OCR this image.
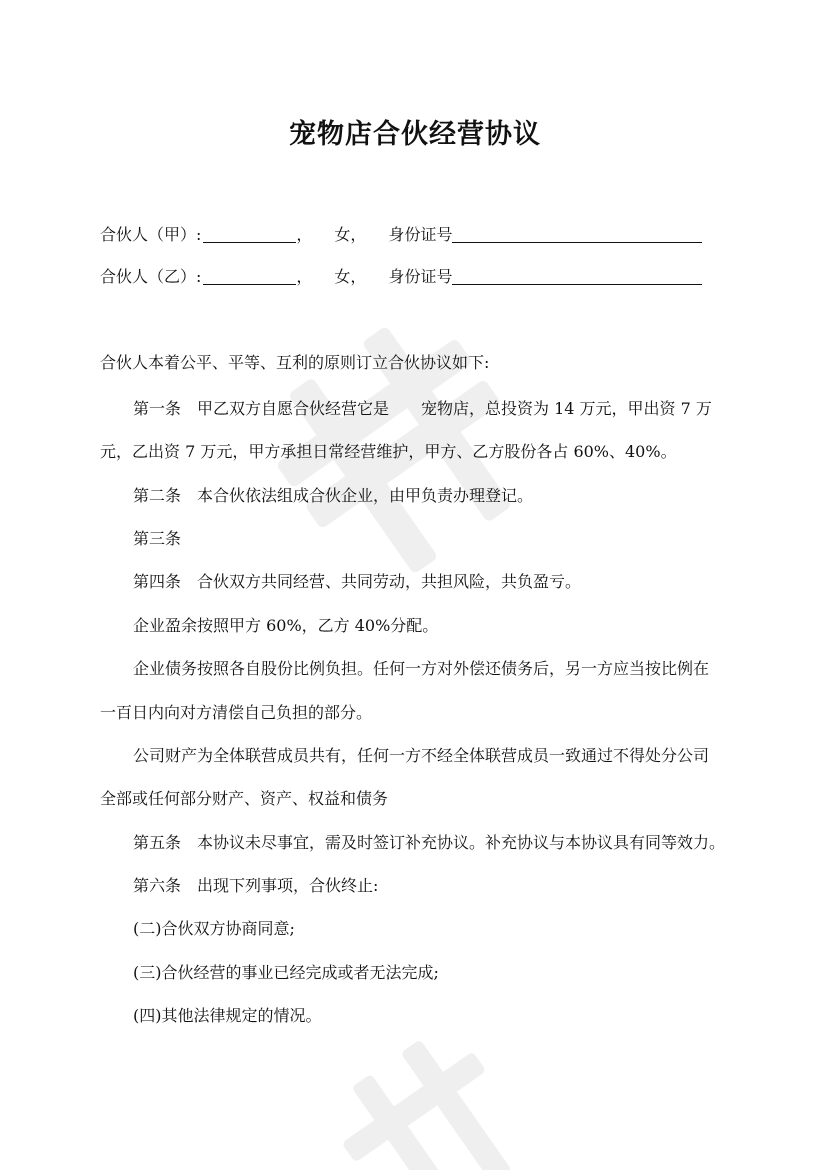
宠物店合伙经营协议
合伙人（甲）:	， 女， 身份证号
合伙人（乙）:	， 女， 身份证号
合伙人本着公平、平等、互利的原则订立合伙协议如下:
第一条　甲乙双方自愿合伙经营它是　　宠物店，总投资为 14 万元，甲出资 7 万
元，乙出资 7 万元，甲方承担日常经营维护，甲方、乙方股份各占 60%、40%。
第二条　本合伙依法组成合伙企业，由甲负责办理登记。
第三条
第四条　合伙双方共同经营、共同劳动，共担风险，共负盈亏。
企业盈余按照甲方 60%，乙方 40%分配。
企业债务按照各自股份比例负担。任何一方对外偿还债务后，另一方应当按比例在
一百日内向对方清偿自己负担的部分。
公司财产为全体联营成员共有，任何一方不经全体联营成员一致通过不得处分公司
全部或任何部分财产、资产、权益和债务
第五条　本协议未尽事宜，需及时签订补充协议。补充协议与本协议具有同等效力。
第六条　出现下列事项，合伙终止:
(二)合伙双方协商同意;
(三)合伙经营的事业已经完成或者无法完成;
(四)其他法律规定的情况。
